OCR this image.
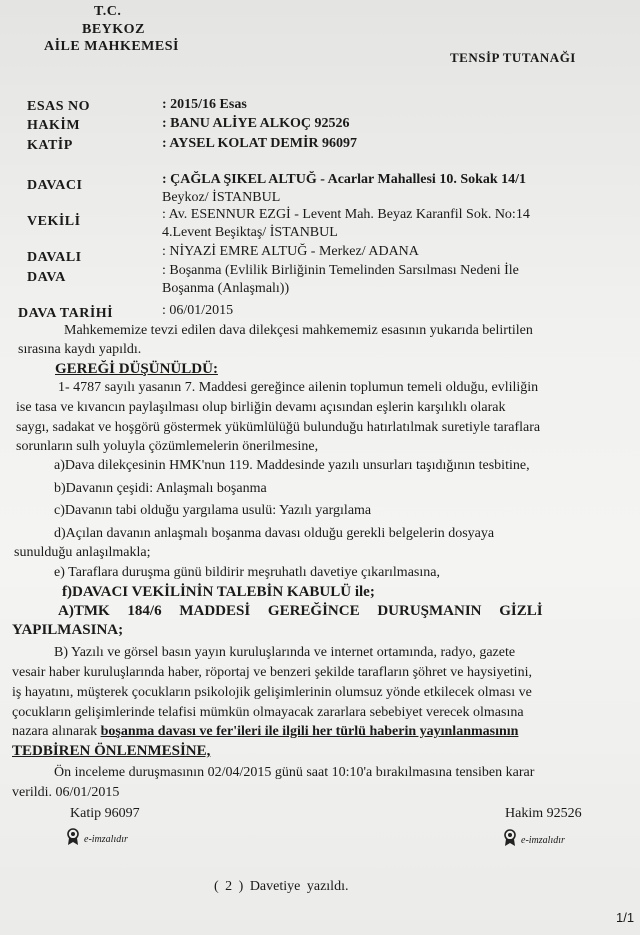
T.C.
BEYKOZ
AİLE MAHKEMESİ
TENSİP TUTANAĞI
ESAS NO	: 2015/16 Esas
HAKİM	: BANU ALİYE ALKOÇ 92526
KATİP	: AYSEL KOLAT DEMİR 96097
DAVACI	: ÇAĞLA ŞIKEL ALTUĞ - Acarlar Mahallesi 10. Sokak 14/1
Beykoz/ İSTANBUL
VEKİLİ	: Av. ESENNUR EZGİ - Levent Mah. Beyaz Karanfil Sok. No:14
4.Levent Beşiktaş/ İSTANBUL
DAVALI	: NİYAZİ EMRE ALTUĞ - Merkez/ ADANA
DAVA	: Boşanma (Evlilik Birliğinin Temelinden Sarsılması Nedeni İle
Boşanma (Anlaşmalı))
DAVA TARİHİ	: 06/01/2015
Mahkememize tevzi edilen dava dilekçesi mahkememiz esasının yukarıda belirtilen
sırasına kaydı yapıldı.
GEREĞİ DÜŞÜNÜLDÜ:
1- 4787 sayılı yasanın 7. Maddesi gereğince ailenin toplumun temeli olduğu, evliliğin
ise tasa ve kıvancın paylaşılması olup birliğin devamı açısından eşlerin karşılıklı olarak
saygı, sadakat ve hoşgörü göstermek yükümlülüğü bulunduğu hatırlatılmak suretiyle taraflara
sorunların sulh yoluyla çözümlemelerin önerilmesine,
a)Dava dilekçesinin HMK'nun 119. Maddesinde yazılı unsurları taşıdığının tesbitine,
b)Davanın çeşidi: Anlaşmalı boşanma
c)Davanın tabi olduğu yargılama usulü: Yazılı yargılama
d)Açılan davanın anlaşmalı boşanma davası olduğu gerekli belgelerin dosyaya
sunulduğu anlaşılmakla;
e) Taraflara duruşma günü bildirir meşruhatlı davetiye çıkarılmasına,
f)DAVACI VEKİLİNİN TALEBİN KABULÜ ile;
A)TMK 184/6 MADDESİ GEREĞİNCE DURUŞMANIN GİZLİ
YAPILMASINA;
B) Yazılı ve görsel basın yayın kuruluşlarında ve internet ortamında, radyo, gazete
vesair haber kuruluşlarında haber, röportaj ve benzeri şekilde tarafların şöhret ve haysiyetini,
iş hayatını, müşterek çocukların psikolojik gelişimlerinin olumsuz yönde etkilecek olması ve
çocukların gelişimlerinde telafisi mümkün olmayacak zararlara sebebiyet verecek olmasına
nazara alınarak boşanma davası ve fer'ileri ile ilgili her türlü haberin yayınlanmasının
TEDBİREN ÖNLENMESİNE,
Ön inceleme duruşmasının 02/04/2015 günü saat 10:10'a bırakılmasına tensiben karar
verildi. 06/01/2015
Katip 96097	Hakim 92526
$^{e-imzalıdır}$	$^{e-imzalıdır}$
( 2 ) Davetiye yazıldı.
1/1
